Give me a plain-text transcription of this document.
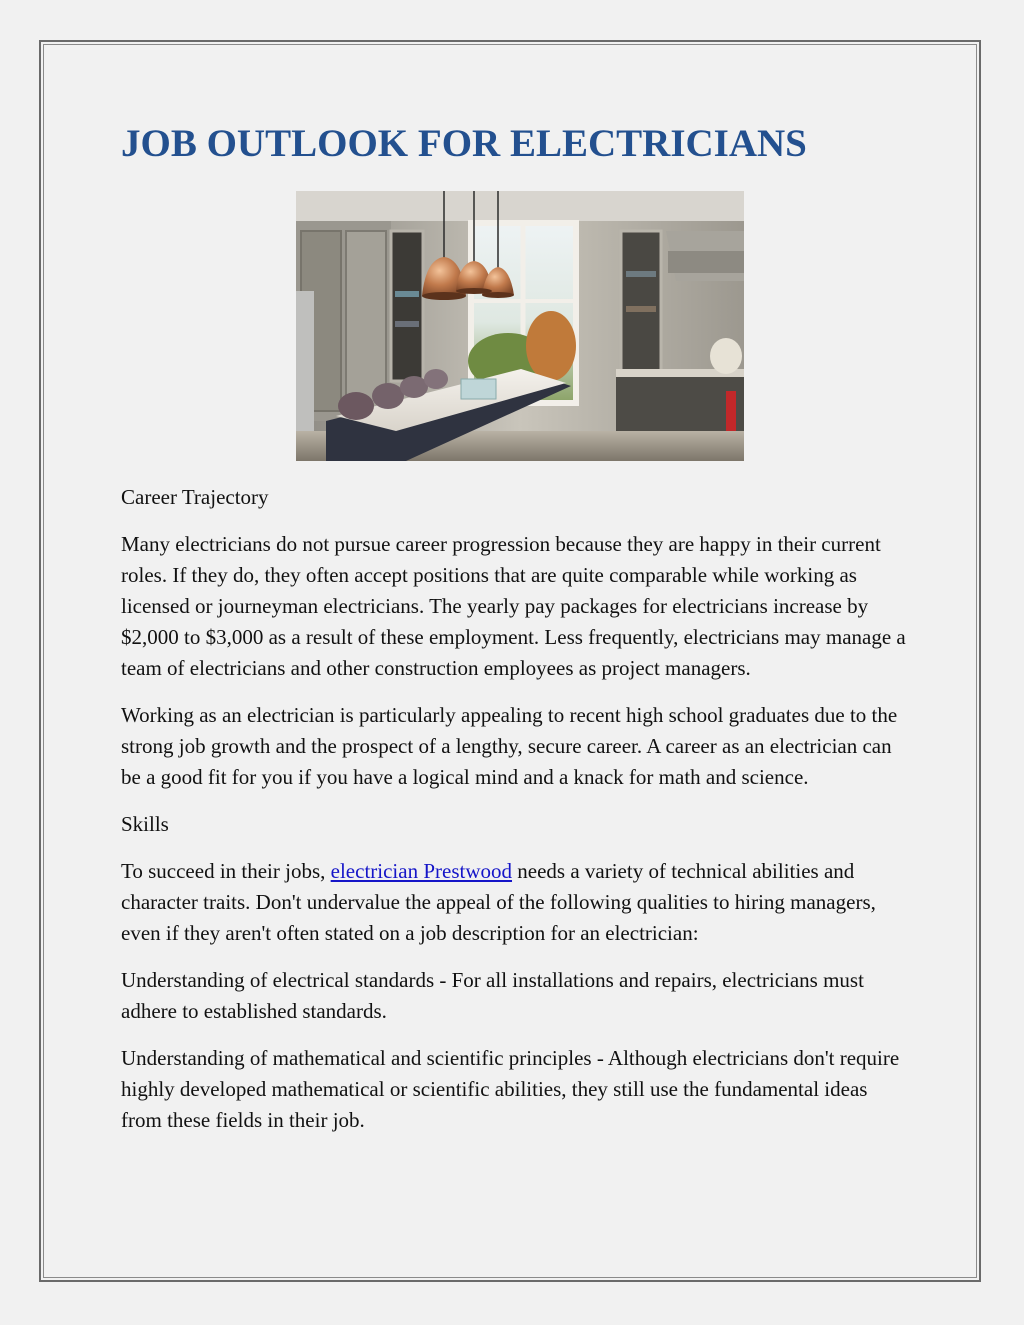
JOB OUTLOOK FOR ELECTRICIANS

Career Trajectory

Many electricians do not pursue career progression because they are happy in their current roles. If they do, they often accept positions that are quite comparable while working as licensed or journeyman electricians. The yearly pay packages for electricians increase by $2,000 to $3,000 as a result of these employment. Less frequently, electricians may manage a team of electricians and other construction employees as project managers.

Working as an electrician is particularly appealing to recent high school graduates due to the strong job growth and the prospect of a lengthy, secure career. A career as an electrician can be a good fit for you if you have a logical mind and a knack for math and science.

Skills

To succeed in their jobs, electrician Prestwood needs a variety of technical abilities and character traits. Don't undervalue the appeal of the following qualities to hiring managers, even if they aren't often stated on a job description for an electrician:

Understanding of electrical standards - For all installations and repairs, electricians must adhere to established standards.

Understanding of mathematical and scientific principles - Although electricians don't require highly developed mathematical or scientific abilities, they still use the fundamental ideas from these fields in their job.
